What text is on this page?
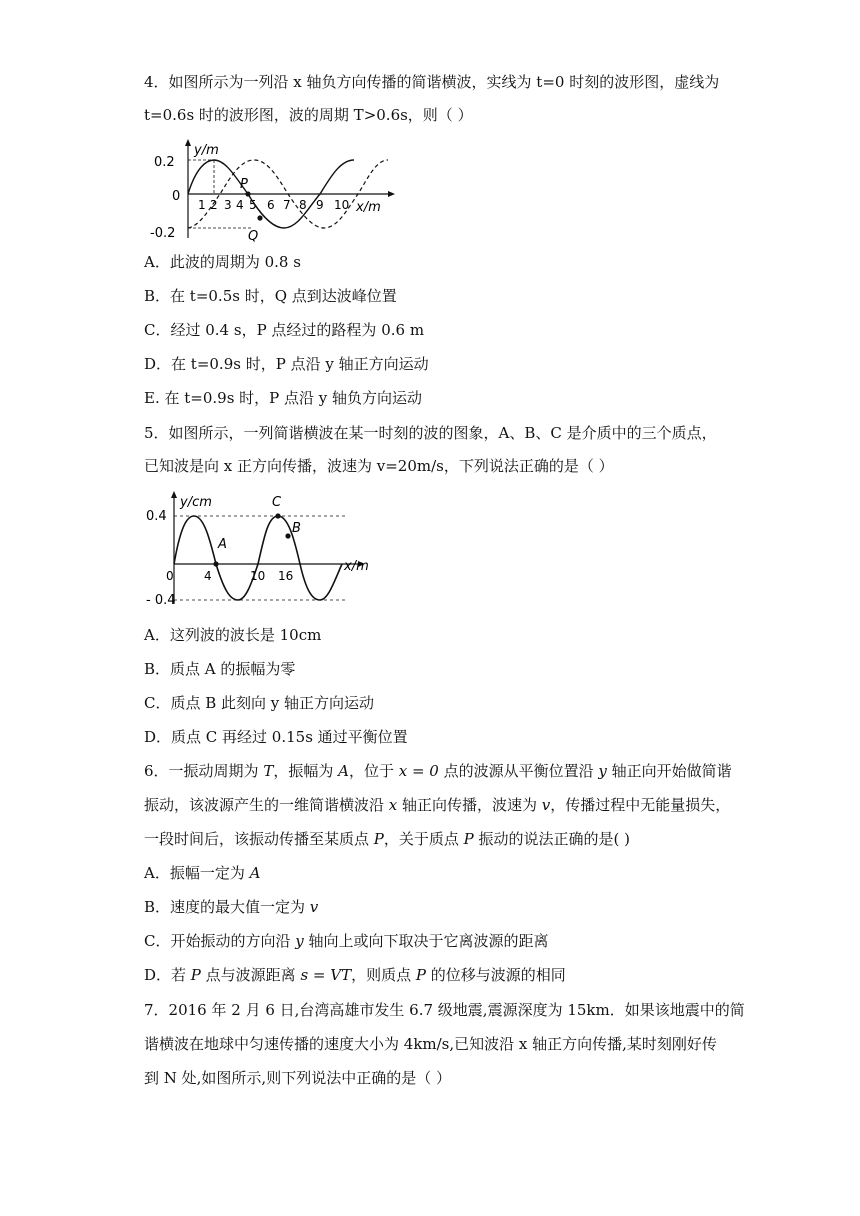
4．如图所示为一列沿 x 轴负方向传播的简谐横波，实线为 t=0 时刻的波形图，虚线为
t=0.6s 时的波形图，波的周期 T>0.6s，则（ ）
y/m
x/m
0.2
0
-0.2
1 2 3 4 5 6 7 8 9 10
P
Q
A．此波的周期为 0.8 s
B．在 t=0.5s 时，Q 点到达波峰位置
C．经过 0.4 s，P 点经过的路程为 0.6 m
D．在 t=0.9s 时，P 点沿 y 轴正方向运动
E. 在 t=0.9s 时，P 点沿 y 轴负方向运动
5．如图所示，一列简谐横波在某一时刻的波的图象，A、B、C 是介质中的三个质点，
已知波是向 x 正方向传播，波速为 v=20m/s，下列说法正确的是（ ）
y/cm
x/m
0.4
- 0.4
0	4	10 16
A
B
C
A．这列波的波长是 10cm
B．质点 A 的振幅为零
C．质点 B 此刻向 y 轴正方向运动
D．质点 C 再经过 0.15s 通过平衡位置
6．一振动周期为 T，振幅为 A，位于 x = 0 点的波源从平衡位置沿 y 轴正向开始做简谐
振动，该波源产生的一维简谐横波沿 x 轴正向传播，波速为 v，传播过程中无能量损失，
一段时间后，该振动传播至某质点 P，关于质点 P 振动的说法正确的是( )
A．振幅一定为 A
B．速度的最大值一定为 v
C．开始振动的方向沿 y 轴向上或向下取决于它离波源的距离
D．若 P 点与波源距离 s = VT，则质点 P 的位移与波源的相同
7．2016 年 2 月 6 日,台湾高雄市发生 6.7 级地震,震源深度为 15km．如果该地震中的简
谐横波在地球中匀速传播的速度大小为 4km/s,已知波沿 x 轴正方向传播,某时刻刚好传
到 N 处,如图所示,则下列说法中正确的是（ ）
